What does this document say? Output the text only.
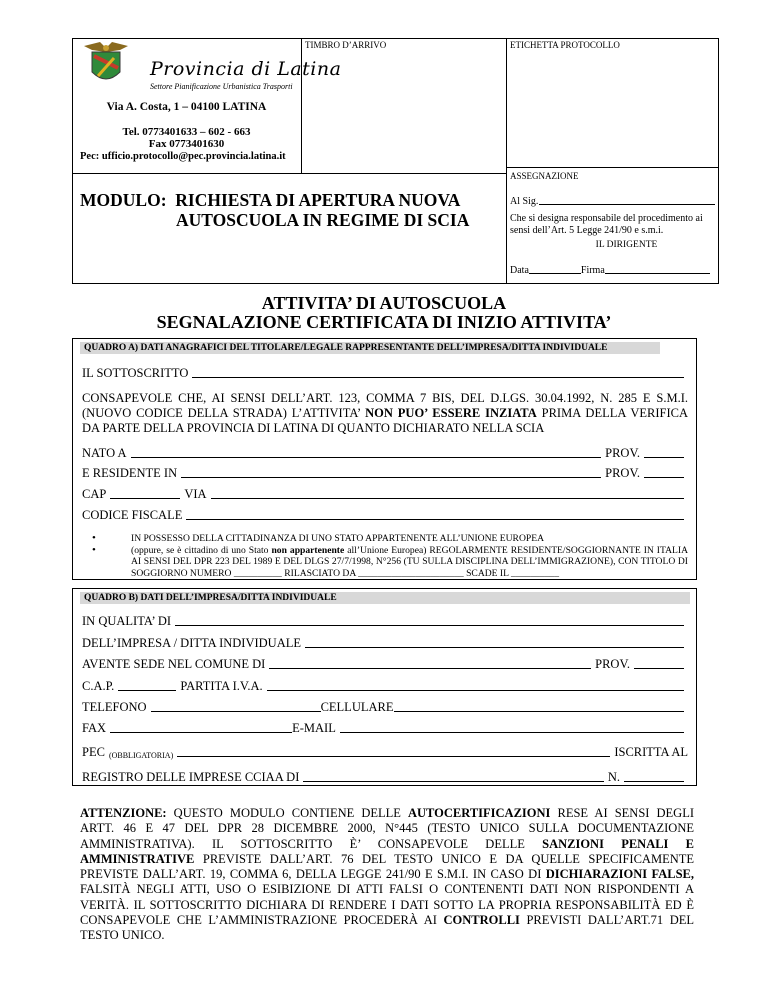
Provincia di Latina
Settore Pianificazione Urbanistica Trasporti
Via A. Costa, 1 – 04100 LATINA
Tel. 0773401633 – 602 - 663
Fax 0773401630
Pec: ufficio.protocollo@pec.provincia.latina.it
TIMBRO D’ARRIVO	ETICHETTA PROTOCOLLO
MODULO:  RICHIESTA DI APERTURA NUOVA
AUTOSCUOLA IN REGIME DI SCIA
ASSEGNAZIONE
Al Sig.
Che si designa responsabile del procedimento ai sensi dell’Art. 5 Legge 241/90 e s.m.i.
IL DIRIGENTE
Data	Firma
ATTIVITA’ DI AUTOSCUOLA
SEGNALAZIONE CERTIFICATA DI INIZIO ATTIVITA’
QUADRO A) DATI ANAGRAFICI DEL TITOLARE/LEGALE RAPPRESENTANTE DELL’IMPRESA/DITTA INDIVIDUALE
IL SOTTOSCRITTO
CONSAPEVOLE CHE, AI SENSI DELL’ART. 123, COMMA 7 BIS, DEL D.LGS. 30.04.1992, N. 285 E S.M.I. (NUOVO CODICE DELLA STRADA) L’ATTIVITA’ NON PUO’ ESSERE INZIATA PRIMA DELLA VERIFICA DA PARTE DELLA PROVINCIA DI LATINA DI QUANTO DICHIARATO NELLA SCIA
NATO A	PROV.
E RESIDENTE IN	PROV.
CAP	VIA
CODICE FISCALE
•
•
IN POSSESSO DELLA CITTADINANZA DI UNO STATO APPARTENENTE ALL’UNIONE EUROPEA
(oppure, se è cittadino di uno Stato non appartenente all’Unione Europea) REGOLARMENTE RESIDENTE/SOGGIORNANTE IN ITALIA AI SENSI DEL DPR 223 DEL 1989 E DEL DLGS 27/7/1998, N°256 (TU SULLA DISCIPLINA DELL’IMMIGRAZIONE), CON TITOLO DI SOGGIORNO NUMERO __________ RILASCIATO DA ______________________ SCADE IL __________
QUADRO B) DATI DELL’IMPRESA/DITTA INDIVIDUALE
IN QUALITA’ DI
DELL’IMPRESA / DITTA INDIVIDUALE
AVENTE SEDE NEL COMUNE DI	PROV.
C.A.P.	PARTITA I.V.A.
TELEFONO	CELLULARE
FAX	E-MAIL
PEC (OBBLIGATORIA)	ISCRITTA AL
REGISTRO DELLE IMPRESE CCIAA DI	N.
ATTENZIONE: QUESTO MODULO CONTIENE DELLE AUTOCERTIFICAZIONI RESE AI SENSI DEGLI ARTT. 46 E 47 DEL DPR 28 DICEMBRE 2000, N°445 (TESTO UNICO SULLA DOCUMENTAZIONE AMMINISTRATIVA). IL SOTTOSCRITTO È’ CONSAPEVOLE DELLE SANZIONI PENALI E AMMINISTRATIVE PREVISTE DALL’ART. 76 DEL TESTO UNICO E DA QUELLE SPECIFICAMENTE PREVISTE DALL’ART. 19, COMMA 6, DELLA LEGGE 241/90 E S.M.I. IN CASO DI DICHIARAZIONI FALSE, FALSITÀ NEGLI ATTI, USO O ESIBIZIONE DI ATTI FALSI O CONTENENTI DATI NON RISPONDENTI A VERITÀ. IL SOTTOSCRITTO DICHIARA DI RENDERE I DATI SOTTO LA PROPRIA RESPONSABILITÀ ED È CONSAPEVOLE CHE L’AMMINISTRAZIONE PROCEDERÀ AI CONTROLLI PREVISTI DALL’ART.71 DEL TESTO UNICO.
